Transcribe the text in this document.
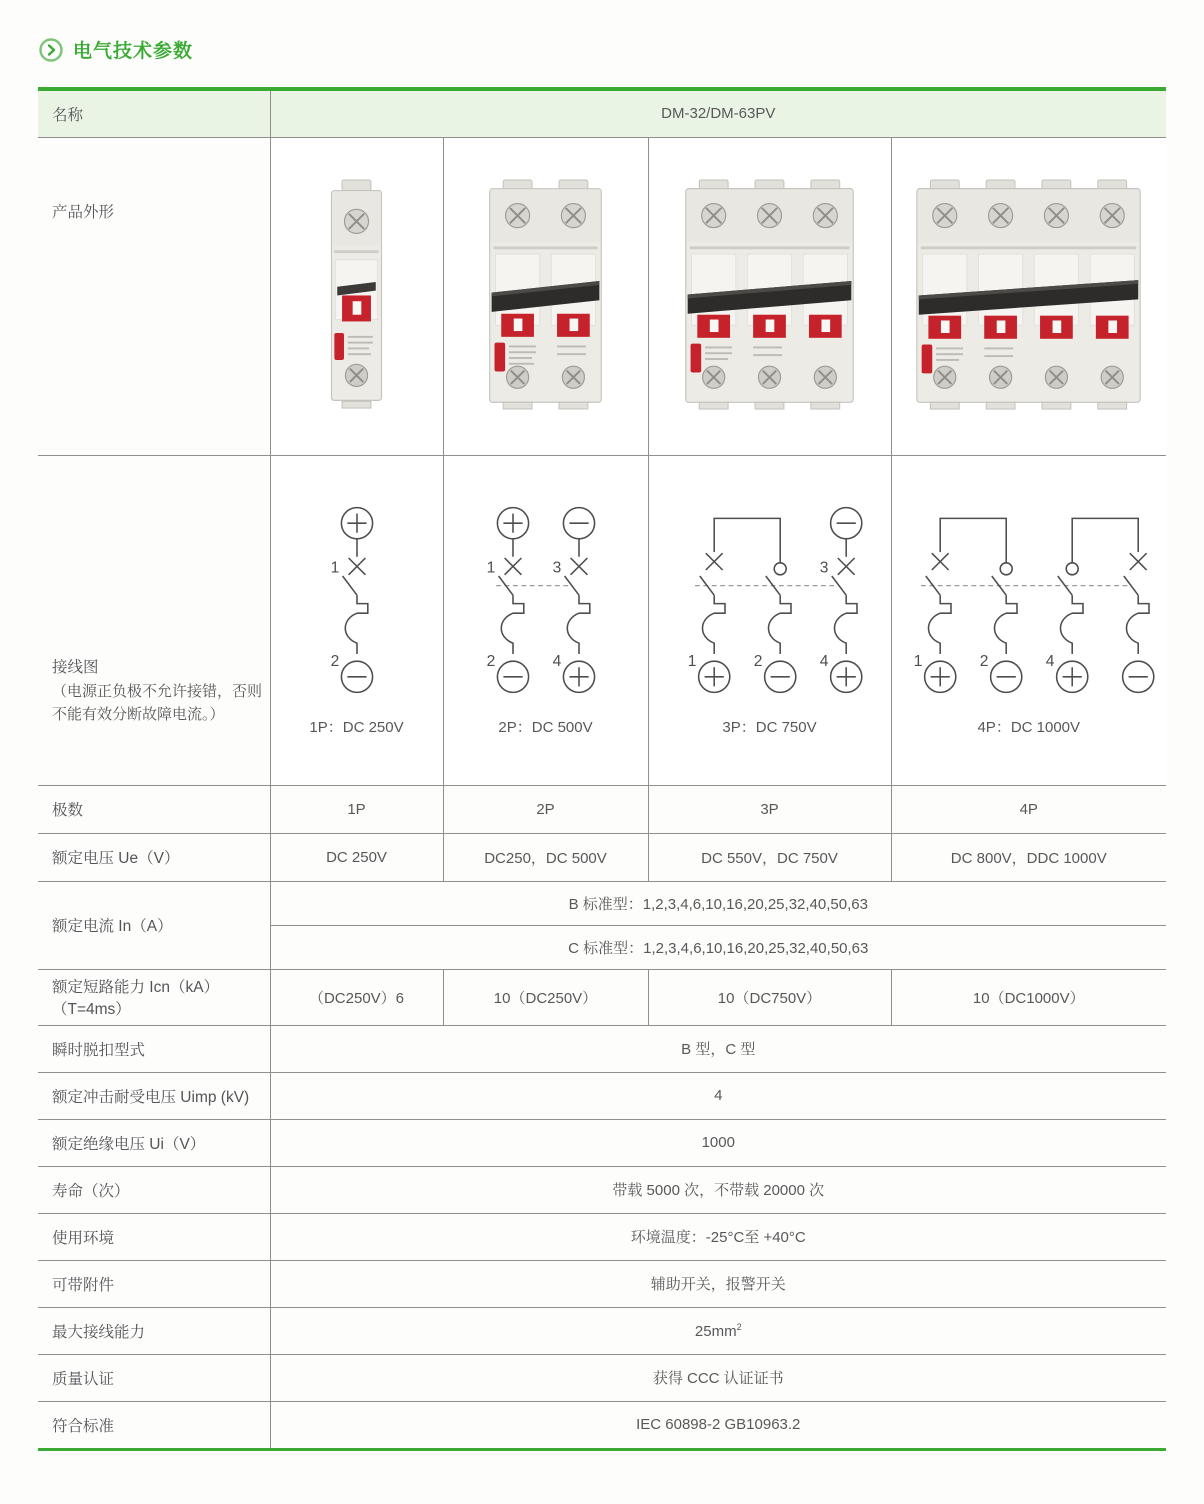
电气技术参数
名称	DM-32/DM-63PV			
产品外形				

接线图
（电源正负极不允许接错，否则不能有效分断故障电流。）

1
2
1P：DC 250V

1	3
2	4
2P：DC 500V

3
1	2	4
3P：DC 750V

1	2	4
4P：DC 1000V

极数	1P	2P	3P	4P
额定电压 Ue（V）	DC 250V	DC250，DC 500V	DC 550V，DC 750V	DC 800V，DDC 1000V
额定电流 In（A）	B 标准型：1,2,3,4,6,10,16,20,25,32,40,50,63			
	C 标准型：1,2,3,4,6,10,16,20,25,32,40,50,63			

额定短路能力 Icn（kA）
（T=4ms）	（DC250V）6	10（DC250V）	10（DC750V）	10（DC1000V）
瞬时脱扣型式	B 型，C 型			
额定冲击耐受电压 Uimp (kV)	4			
额定绝缘电压 Ui（V）	1000			
寿命（次）	带载 5000 次，不带载 20000 次			
使用环境	环境温度：-25°C至 +40°C			
可带附件	辅助开关，报警开关			
最大接线能力	$25mm^2$
质量认证	获得 CCC 认证证书			
符合标准	IEC 60898-2 GB10963.2			
